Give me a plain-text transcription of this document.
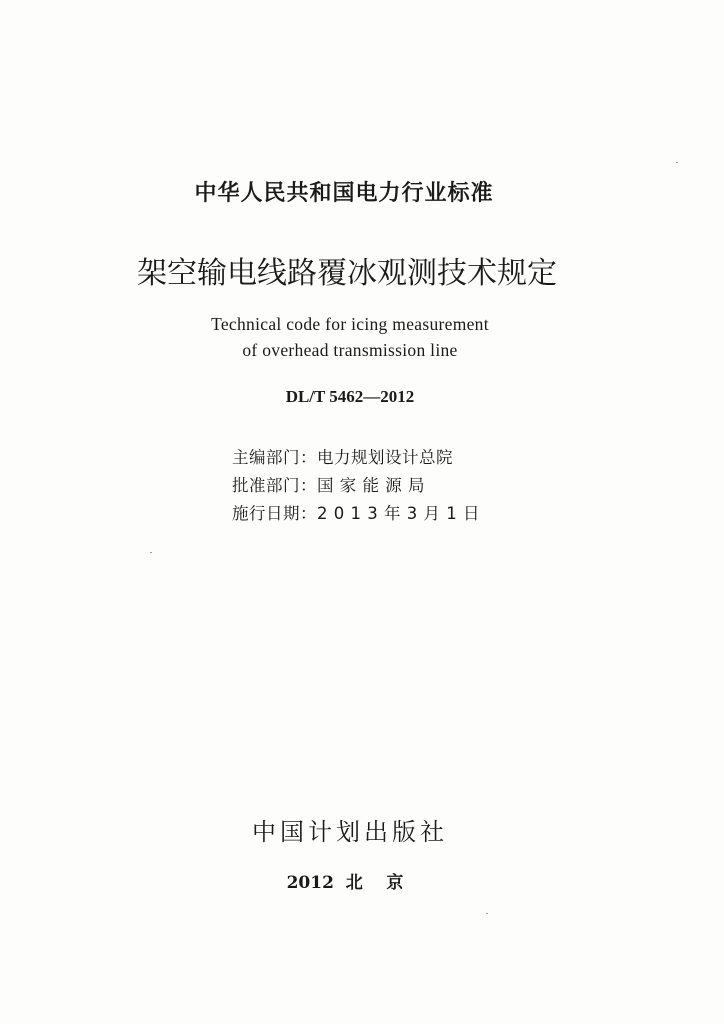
中华人民共和国电力行业标准
架空输电线路覆冰观测技术规定
Technical code for icing measurement
of overhead transmission line
DL/T 5462—2012
主编部门：电力规划设计总院
批准部门：国 家 能 源 局
施行日期：2 0 1 3 年 3 月 1 日
中国计划出版社
2012  北    京
